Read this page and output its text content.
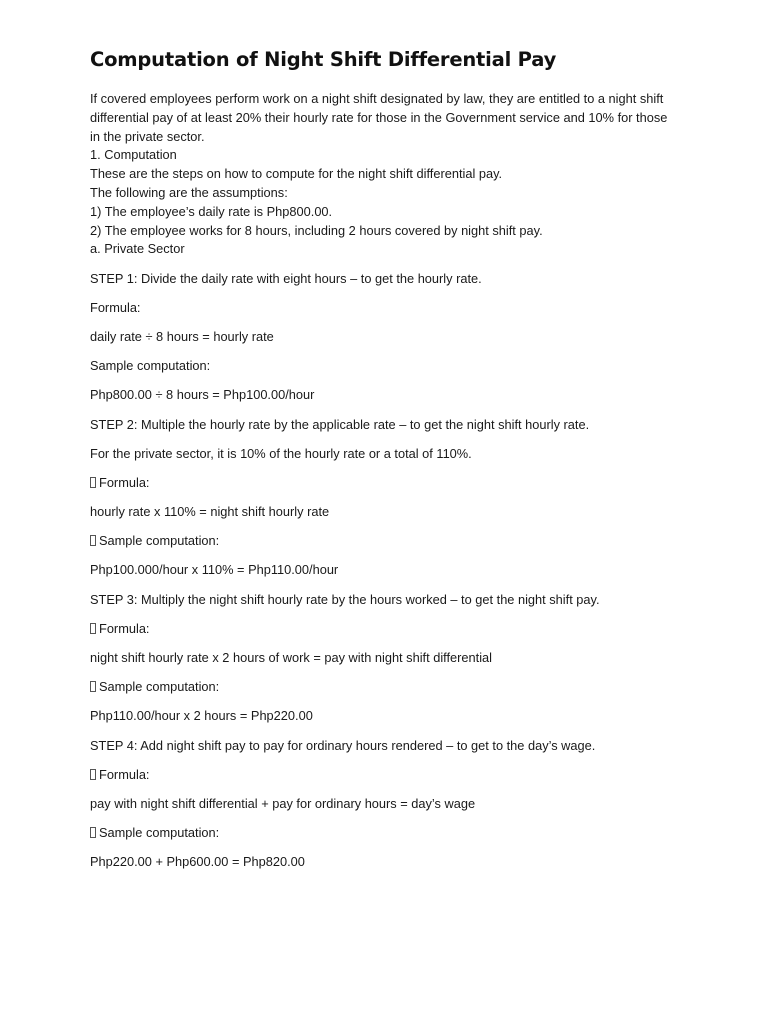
Computation of Night Shift Differential Pay

If covered employees perform work on a night shift designated by law, they are entitled to a night shift differential pay of at least 20% their hourly rate for those in the Government service and 10% for those in the private sector.

1. Computation

These are the steps on how to compute for the night shift differential pay.

The following are the assumptions:

1) The employee’s daily rate is Php800.00.

2) The employee works for 8 hours, including 2 hours covered by night shift pay.

a. Private Sector

STEP 1: Divide the daily rate with eight hours – to get the hourly rate.

Formula:

daily rate ÷ 8 hours = hourly rate

Sample computation:

Php800.00 ÷ 8 hours = Php100.00/hour

STEP 2: Multiple the hourly rate by the applicable rate – to get the night shift hourly rate.

For the private sector, it is 10% of the hourly rate or a total of 110%.

Formula:

hourly rate x 110% = night shift hourly rate

Sample computation:

Php100.000/hour x 110% = Php110.00/hour

STEP 3: Multiply the night shift hourly rate by the hours worked – to get the night shift pay.

Formula:

night shift hourly rate x 2 hours of work = pay with night shift differential

Sample computation:

Php110.00/hour x 2 hours = Php220.00

STEP 4: Add night shift pay to pay for ordinary hours rendered – to get to the day’s wage.

Formula:

pay with night shift differential + pay for ordinary hours = day’s wage

Sample computation:

Php220.00 + Php600.00 = Php820.00
